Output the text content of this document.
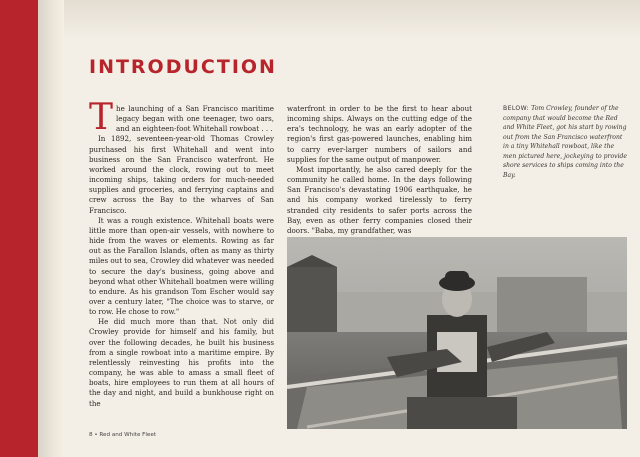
INTRODUCTION

The launching of a San Francisco maritime legacy began with one teenager, two oars, and an eighteen-foot Whitehall rowboat . . .

In 1892, seventeen-year-old Thomas Crowley purchased his first Whitehall and went into business on the San Francisco waterfront. He worked around the clock, rowing out to meet incoming ships, taking orders for much-needed supplies and groceries, and ferrying captains and crew across the Bay to the wharves of San Francisco.

It was a rough existence. Whitehall boats were little more than open-air vessels, with nowhere to hide from the waves or elements. Rowing as far out as the Farallon Islands, often as many as thirty miles out to sea, Crowley did whatever was needed to secure the day's business, going above and beyond what other Whitehall boatmen were willing to endure. As his grandson Tom Escher would say over a century later, "The choice was to starve, or to row. He chose to row."

He did much more than that. Not only did Crowley provide for himself and his family, but over the following decades, he built his business from a single rowboat into a maritime empire. By relentlessly reinvesting his profits into the company, he was able to amass a small fleet of boats, hire employees to run them at all hours of the day and night, and build a bunkhouse right on the

waterfront in order to be the first to hear about incoming ships. Always on the cutting edge of the era's technology, he was an early adopter of the region's first gas-powered launches, enabling him to carry ever-larger numbers of sailors and supplies for the same output of manpower.

Most importantly, he also cared deeply for the community he called home. In the days following San Francisco's devastating 1906 earthquake, he and his company worked tirelessly to ferry stranded city residents to safer ports across the Bay, even as other ferry companies closed their doors. "Baba, my grandfather, was

BELOW: Tom Crowley, founder of the company that would become the Red and White Fleet, got his start by rowing out from the San Francisco waterfront in a tiny Whitehall rowboat, like the men pictured here, jockeying to provide shore services to ships coming into the Bay.
8 • Red and White Fleet
